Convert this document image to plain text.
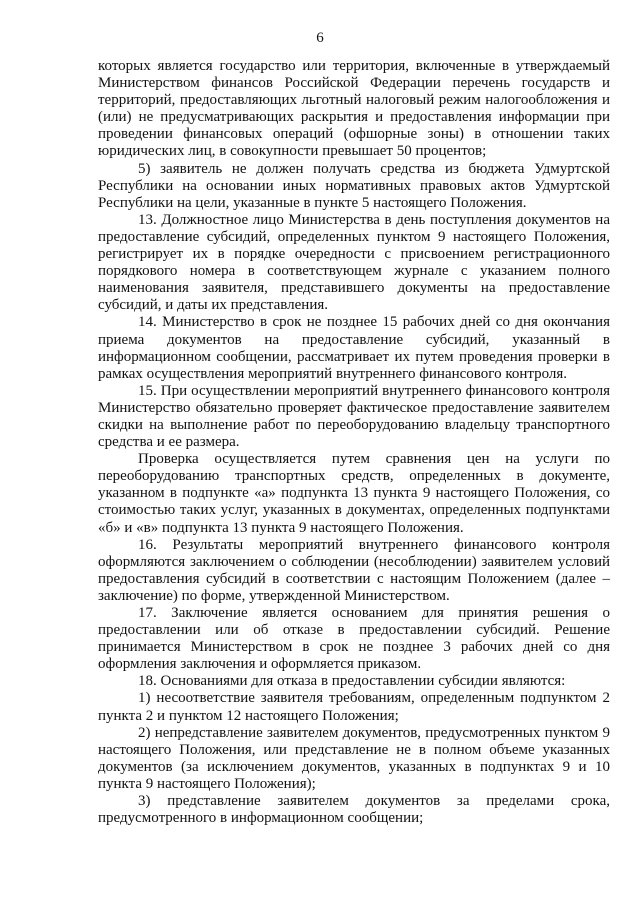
6

которых является государство или территория, включенные в утверждаемый Министерством финансов Российской Федерации перечень государств и территорий, предоставляющих льготный налоговый режим налогообложения и (или) не предусматривающих раскрытия и предоставления информации при проведении финансовых операций (офшорные зоны) в отношении таких юридических лиц, в совокупности превышает 50 процентов;

5) заявитель не должен получать средства из бюджета Удмуртской Республики на основании иных нормативных правовых актов Удмуртской Республики на цели, указанные в пункте 5 настоящего Положения.

13. Должностное лицо Министерства в день поступления документов на предоставление субсидий, определенных пунктом 9 настоящего Положения, регистрирует их в порядке очередности с присвоением регистрационного порядкового номера в соответствующем журнале с указанием полного наименования заявителя, представившего документы на предоставление субсидий, и даты их представления.

14. Министерство в срок не позднее 15 рабочих дней со дня окончания приема документов на предоставление субсидий, указанный в информационном сообщении, рассматривает их путем проведения проверки в рамках осуществления мероприятий внутреннего финансового контроля.

15. При осуществлении мероприятий внутреннего финансового контроля Министерство обязательно проверяет фактическое предоставление заявителем скидки на выполнение работ по переоборудованию владельцу транспортного средства и ее размера.

Проверка осуществляется путем сравнения цен на услуги по переоборудованию транспортных средств, определенных в документе, указанном в подпункте «а» подпункта 13 пункта 9 настоящего Положения, со стоимостью таких услуг, указанных в документах, определенных подпунктами «б» и «в» подпункта 13 пункта 9 настоящего Положения.

16. Результаты мероприятий внутреннего финансового контроля оформляются заключением о соблюдении (несоблюдении) заявителем условий предоставления субсидий в соответствии с настоящим Положением (далее – заключение) по форме, утвержденной Министерством.

17. Заключение является основанием для принятия решения о предоставлении или об отказе в предоставлении субсидий. Решение принимается Министерством в срок не позднее 3 рабочих дней со дня оформления заключения и оформляется приказом.

18. Основаниями для отказа в предоставлении субсидии являются:

1) несоответствие заявителя требованиям, определенным подпунктом 2 пункта 2 и пунктом 12 настоящего Положения;

2) непредставление заявителем документов, предусмотренных пунктом 9 настоящего Положения, или представление не в полном объеме указанных документов (за исключением документов, указанных в подпунктах 9 и 10 пункта 9 настоящего Положения);

3) представление заявителем документов за пределами срока, предусмотренного в информационном сообщении;
